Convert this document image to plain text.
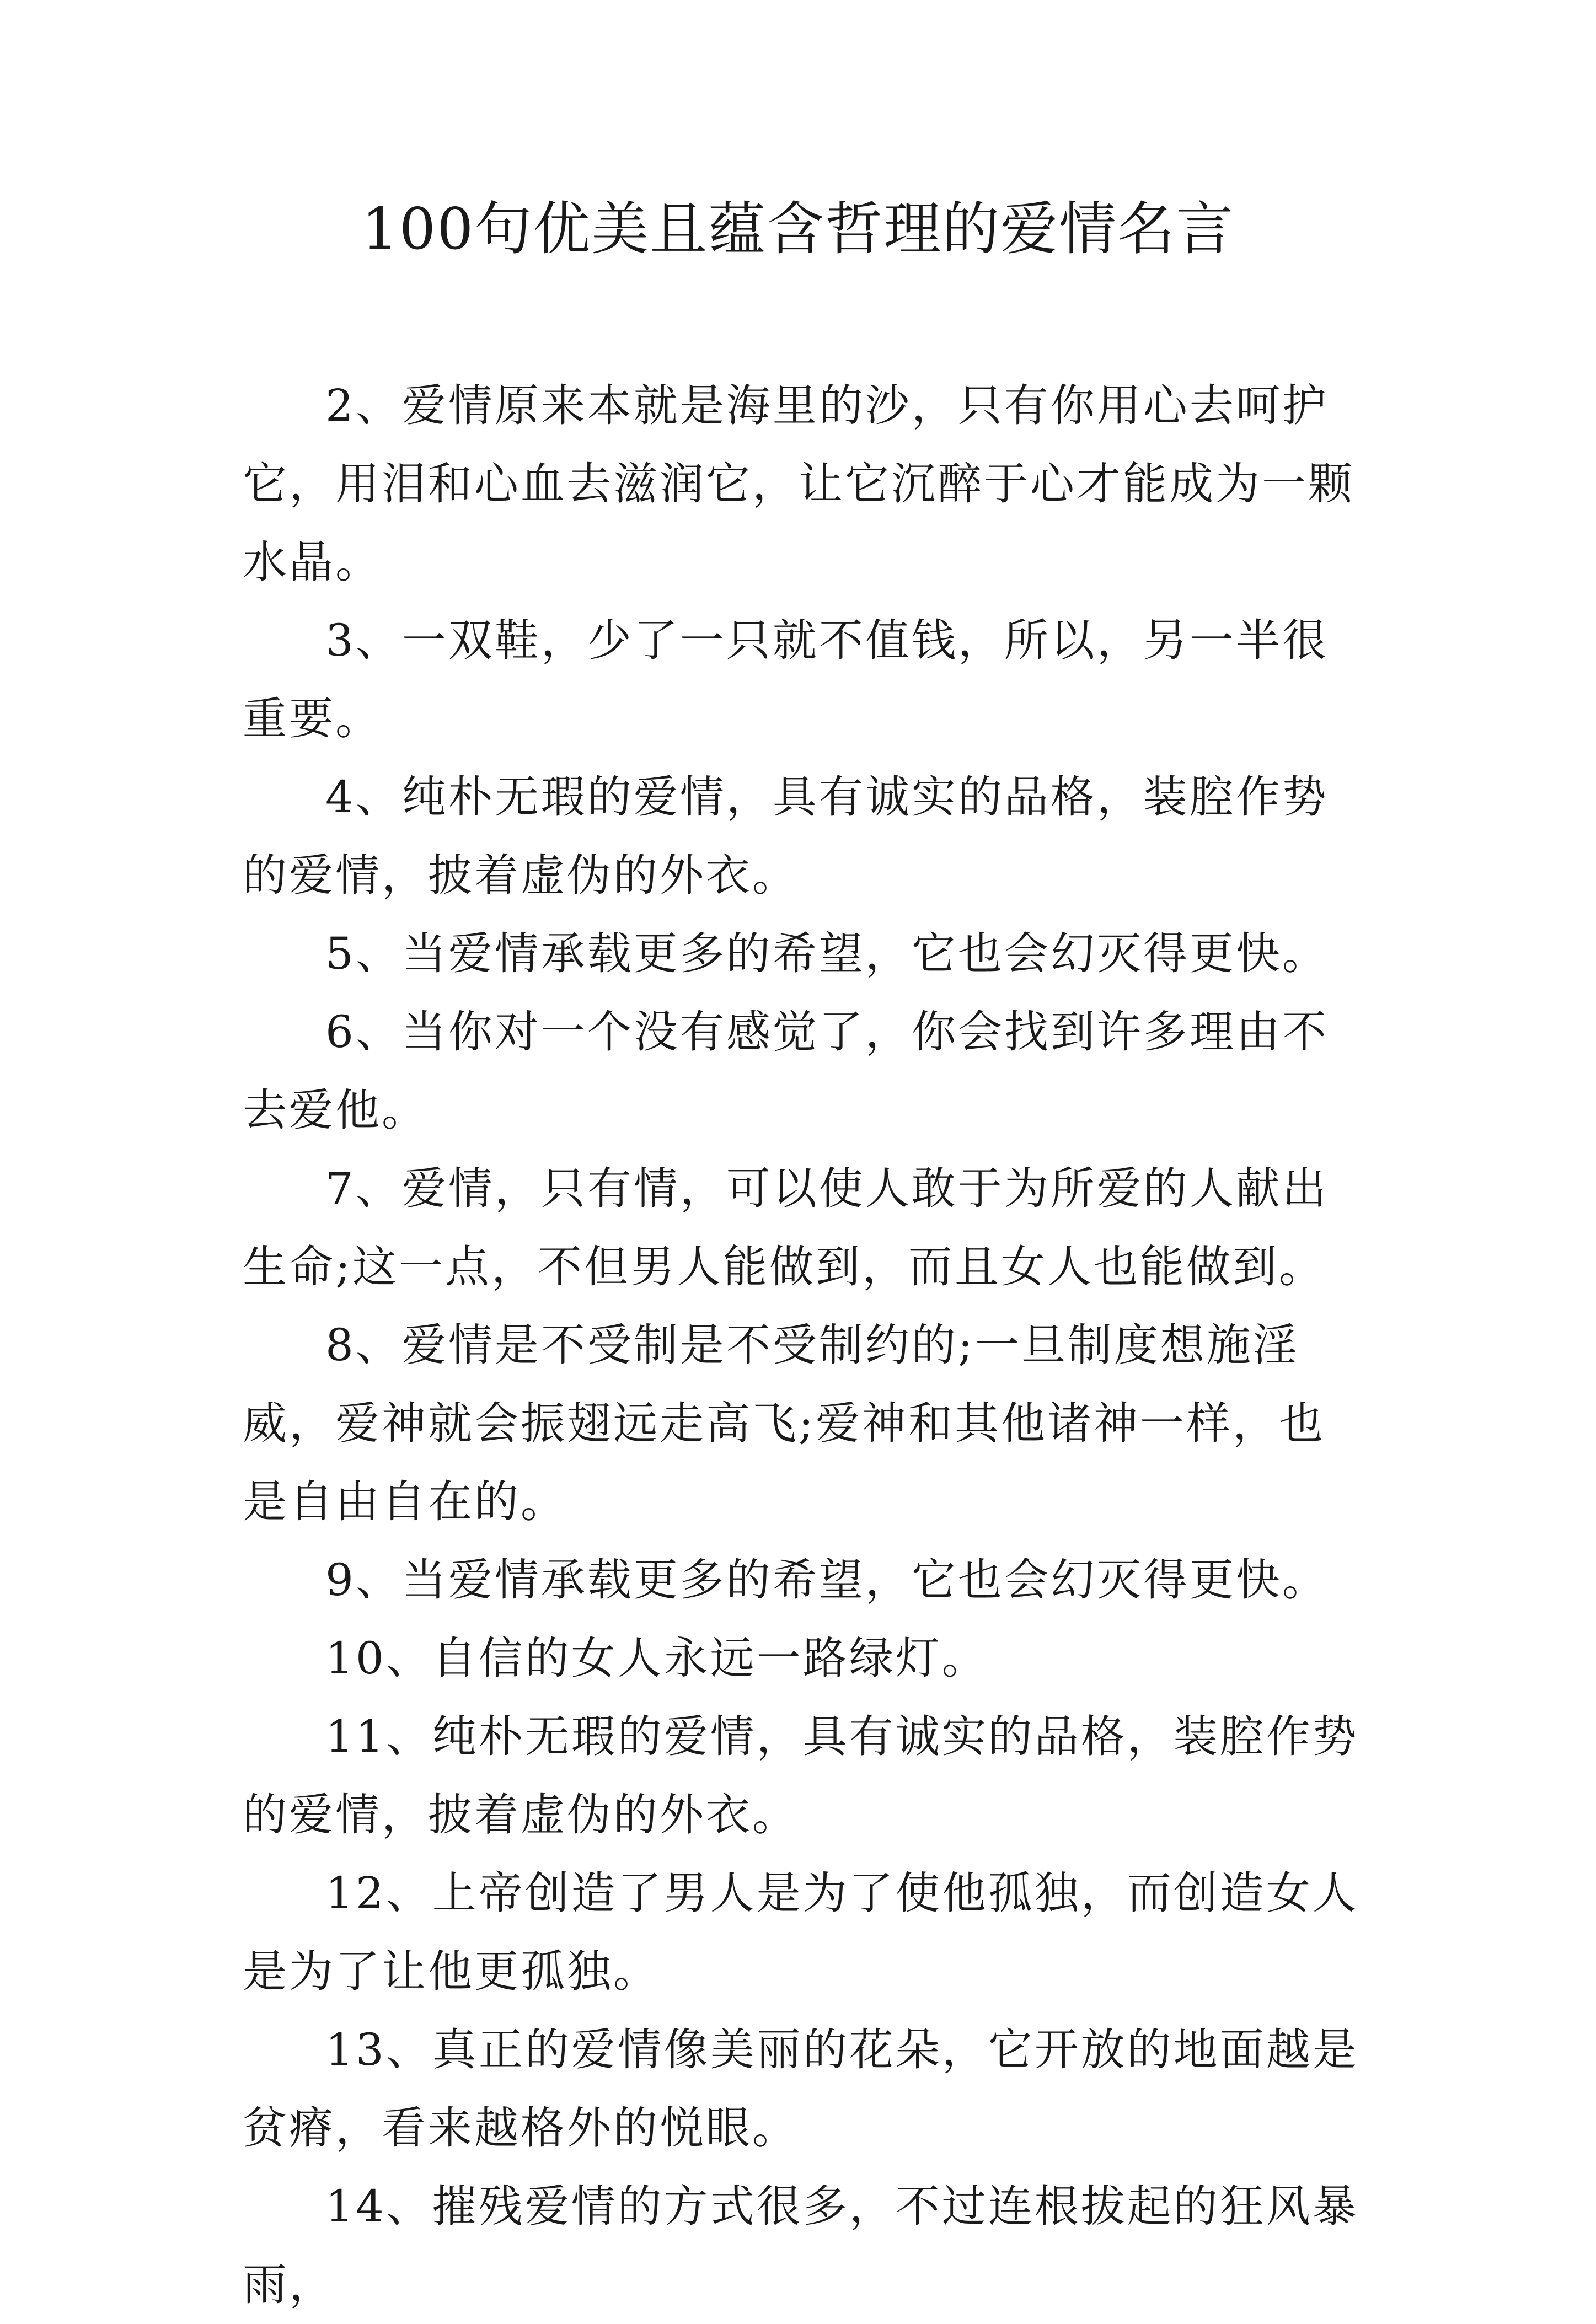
100句优美且蕴含哲理的爱情名言

2、爱情原来本就是海里的沙，只有你用心去呵护它，用泪和心血去滋润它，让它沉醉于心才能成为一颗水晶。

3、一双鞋，少了一只就不值钱，所以，另一半很重要。

4、纯朴无瑕的爱情，具有诚实的品格，装腔作势的爱情，披着虚伪的外衣。

5、当爱情承载更多的希望，它也会幻灭得更快。

6、当你对一个没有感觉了，你会找到许多理由不去爱他。

7、爱情，只有情，可以使人敢于为所爱的人献出生命;这一点，不但男人能做到，而且女人也能做到。

8、爱情是不受制是不受制约的;一旦制度想施淫威，爱神就会振翅远走高飞;爱神和其他诸神一样，也是自由自在的。

9、当爱情承载更多的希望，它也会幻灭得更快。

10、自信的女人永远一路绿灯。

11、纯朴无瑕的爱情，具有诚实的品格，装腔作势的爱情，披着虚伪的外衣。

12、上帝创造了男人是为了使他孤独，而创造女人是为了让他更孤独。

13、真正的爱情像美丽的花朵，它开放的地面越是贫瘠，看来越格外的悦眼。

14、摧残爱情的方式很多，不过连根拔起的狂风暴雨，
